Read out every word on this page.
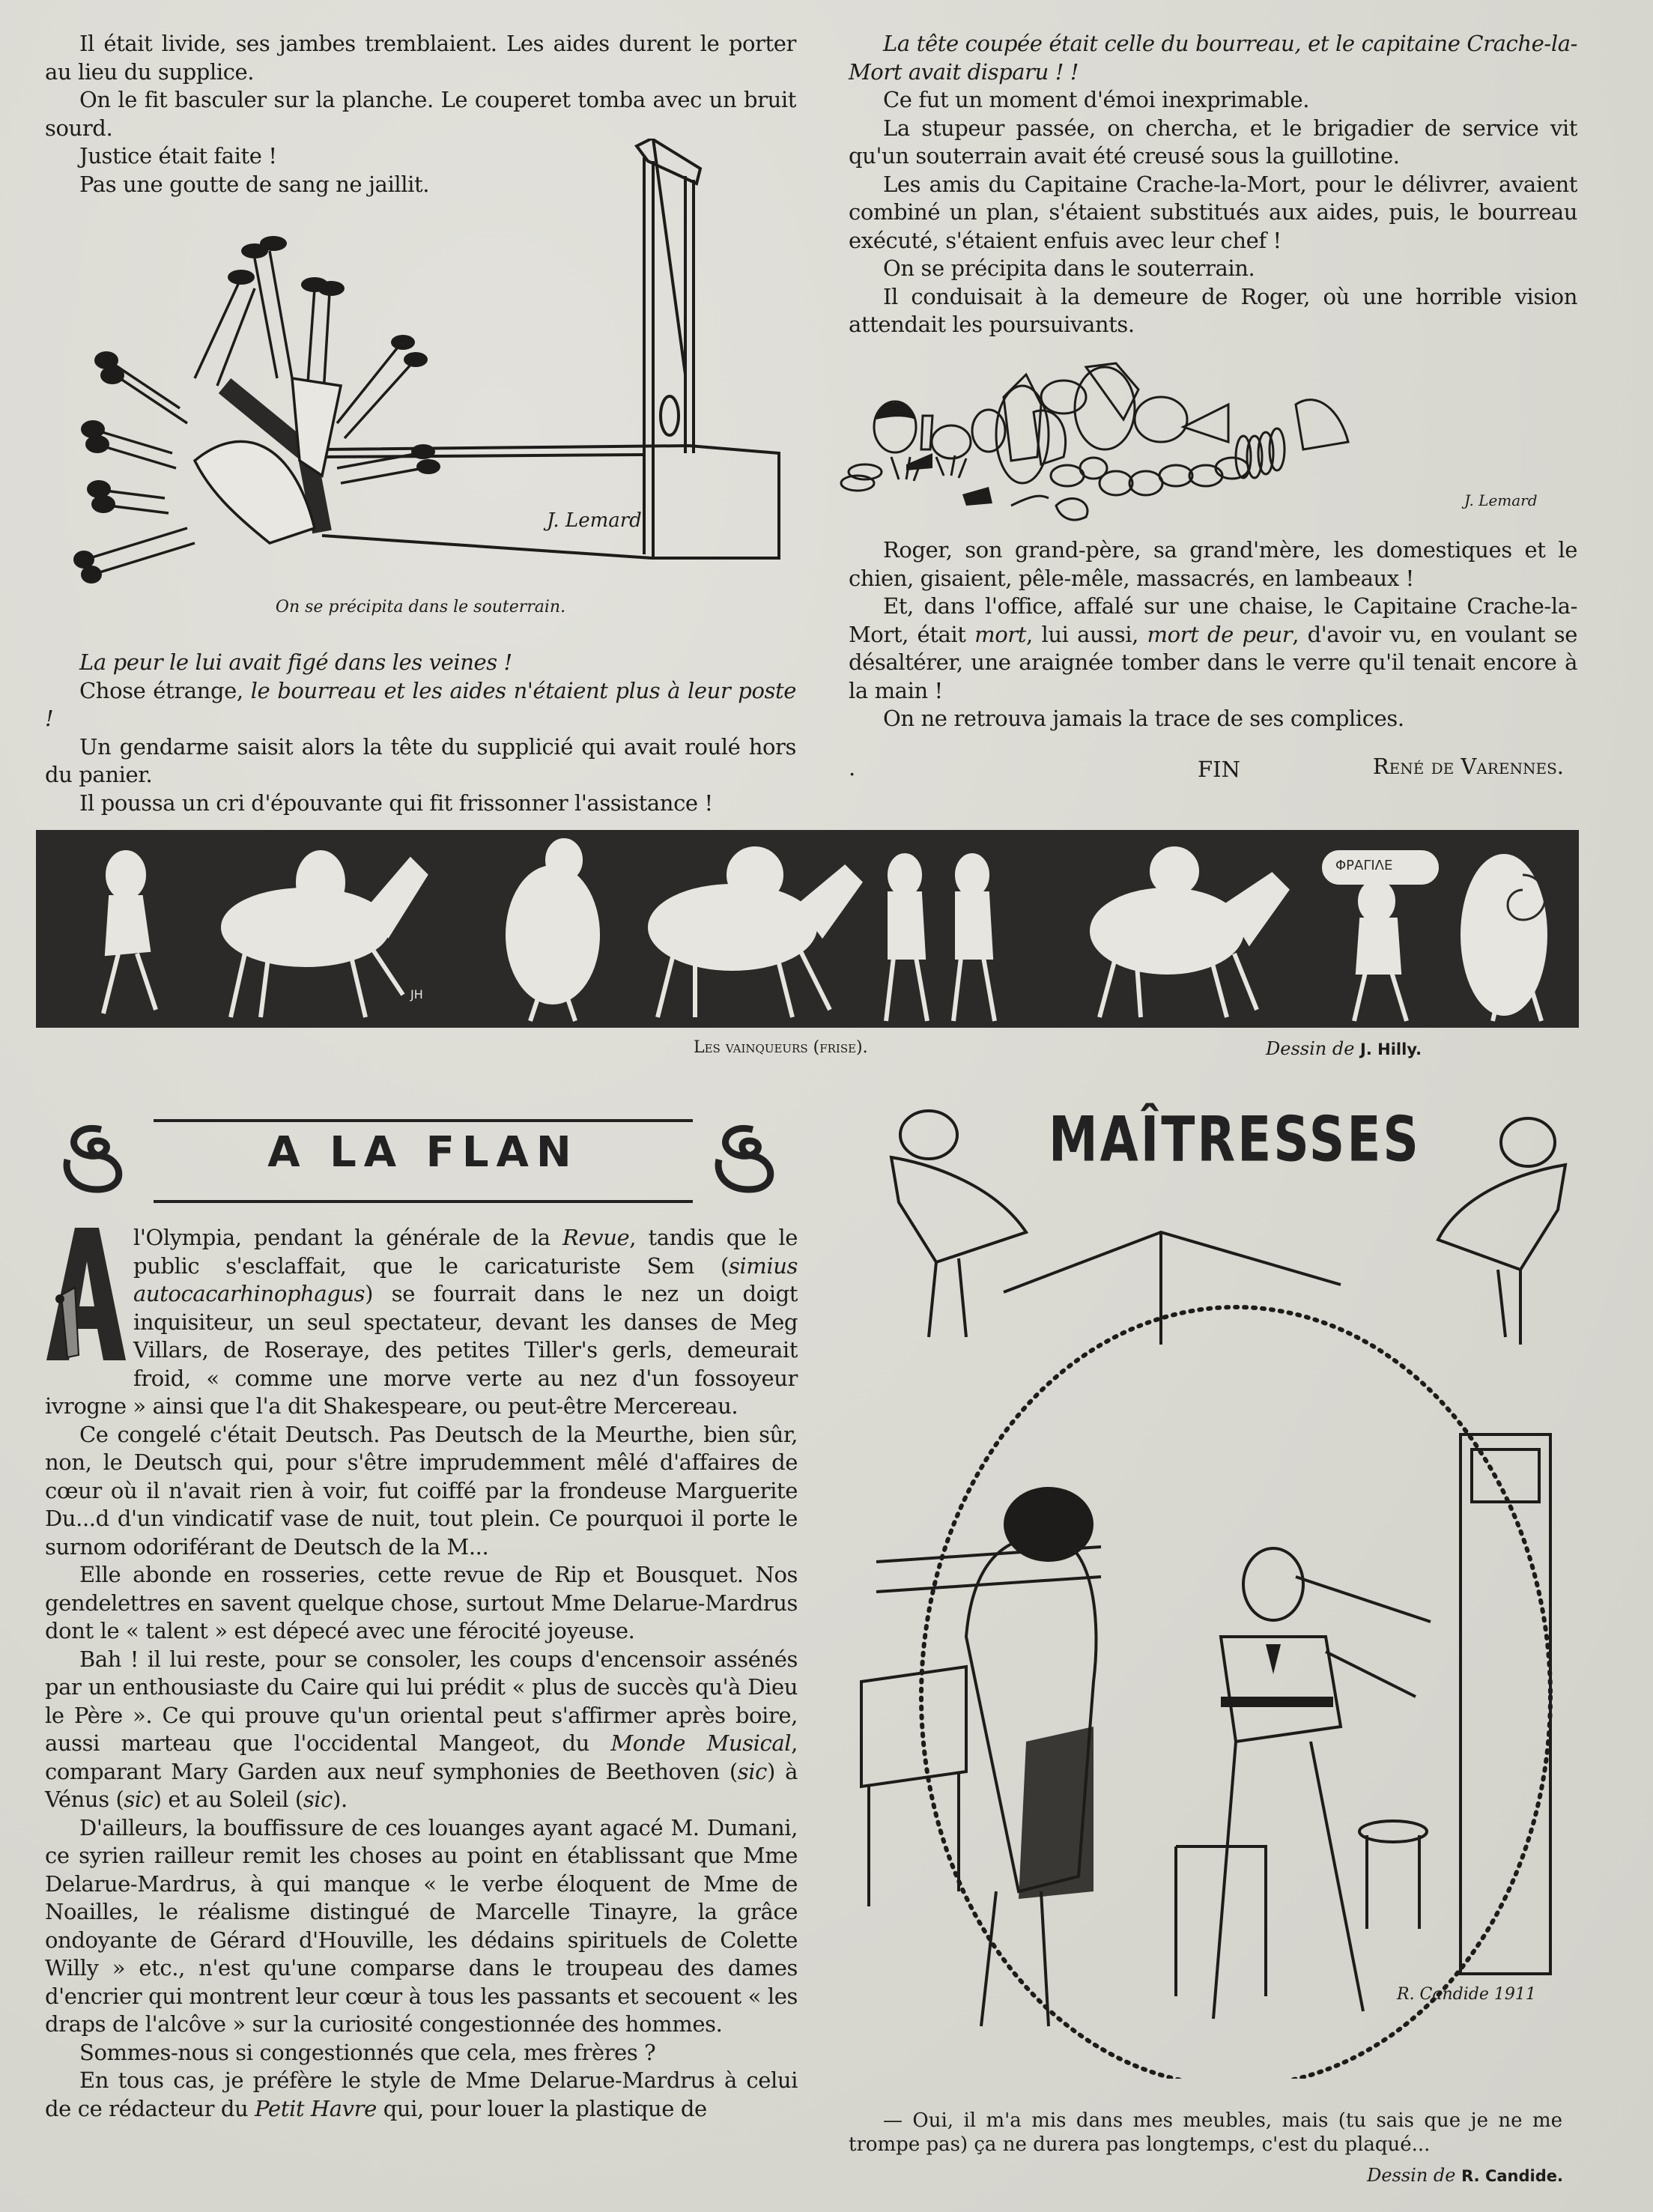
Il était livide, ses jambes tremblaient. Les aides durent le porter au lieu du supplice.

On le fit basculer sur la planche. Le couperet tomba avec un bruit sourd.

Justice était faite !

Pas une goutte de sang ne jaillit.

J. Lemard
On se précipita dans le souterrain.

La peur le lui avait figé dans les veines !

Chose étrange, le bourreau et les aides n'étaient plus à leur poste !

Un gendarme saisit alors la tête du supplicié qui avait roulé hors du panier.

Il poussa un cri d'épouvante qui fit frissonner l'assistance !

La tête coupée était celle du bourreau, et le capitaine Crache-la-Mort avait disparu ! !

Ce fut un moment d'émoi inexprimable.

La stupeur passée, on chercha, et le brigadier de service vit qu'un souterrain avait été creusé sous la guillotine.

Les amis du Capitaine Crache-la-Mort, pour le délivrer, avaient combiné un plan, s'étaient substitués aux aides, puis, le bourreau exécuté, s'étaient enfuis avec leur chef !

On se précipita dans le souterrain.

Il conduisait à la demeure de Roger, où une horrible vision attendait les poursuivants.

J. Lemard

Roger, son grand-père, sa grand'mère, les domestiques et le chien, gisaient, pêle-mêle, massacrés, en lambeaux !

Et, dans l'office, affalé sur une chaise, le Capitaine Crache-la-Mort, était mort, lui aussi, mort de peur, d'avoir vu, en voulant se désaltérer, une araignée tomber dans le verre qu'il tenait encore à la main !

On ne retrouva jamais la trace de ses complices.

.	FIN	René de Varennes.
ΦΡΑΓΙΛΕ
JH
Les vainqueurs (frise).	Dessin de J. Hilly.
A LA FLAN

l'Olympia, pendant la générale de la Revue, tandis que le public s'esclaffait, que le caricaturiste Sem (simius autocacarhinophagus) se fourrait dans le nez un doigt inquisiteur, un seul spectateur, devant les danses de Meg Villars, de Roseraye, des petites Tiller's gerls, demeurait froid, « comme une morve verte au nez d'un fossoyeur ivrogne » ainsi que l'a dit Shakespeare, ou peut-être Mercereau.

Ce congelé c'était Deutsch. Pas Deutsch de la Meurthe, bien sûr, non, le Deutsch qui, pour s'être imprudemment mêlé d'affaires de cœur où il n'avait rien à voir, fut coiffé par la frondeuse Marguerite Du...d d'un vindicatif vase de nuit, tout plein. Ce pourquoi il porte le surnom odoriférant de Deutsch de la M...

Elle abonde en rosseries, cette revue de Rip et Bousquet. Nos gendelettres en savent quelque chose, surtout Mme Delarue-Mardrus dont le « talent » est dépecé avec une férocité joyeuse.

Bah ! il lui reste, pour se consoler, les coups d'encensoir assénés par un enthousiaste du Caire qui lui prédit « plus de succès qu'à Dieu le Père ». Ce qui prouve qu'un oriental peut s'affirmer après boire, aussi marteau que l'occidental Mangeot, du Monde Musical, comparant Mary Garden aux neuf symphonies de Beethoven (sic) à Vénus (sic) et au Soleil (sic).

D'ailleurs, la bouffissure de ces louanges ayant agacé M. Dumani, ce syrien railleur remit les choses au point en établissant que Mme Delarue-Mardrus, à qui manque « le verbe éloquent de Mme de Noailles, le réalisme distingué de Marcelle Tinayre, la grâce ondoyante de Gérard d'Houville, les dédains spirituels de Colette Willy » etc., n'est qu'une comparse dans le troupeau des dames d'encrier qui montrent leur cœur à tous les passants et secouent « les draps de l'alcôve » sur la curiosité congestionnée des hommes.

Sommes-nous si congestionnés que cela, mes frères ?

En tous cas, je préfère le style de Mme Delarue-Mardrus à celui de ce rédacteur du Petit Havre qui, pour louer la plastique de

MAÎTRESSES
R. Candide 1911

— Oui, il m'a mis dans mes meubles, mais (tu sais que je ne me trompe pas) ça ne durera pas longtemps, c'est du plaqué...

Dessin de R. Candide.
